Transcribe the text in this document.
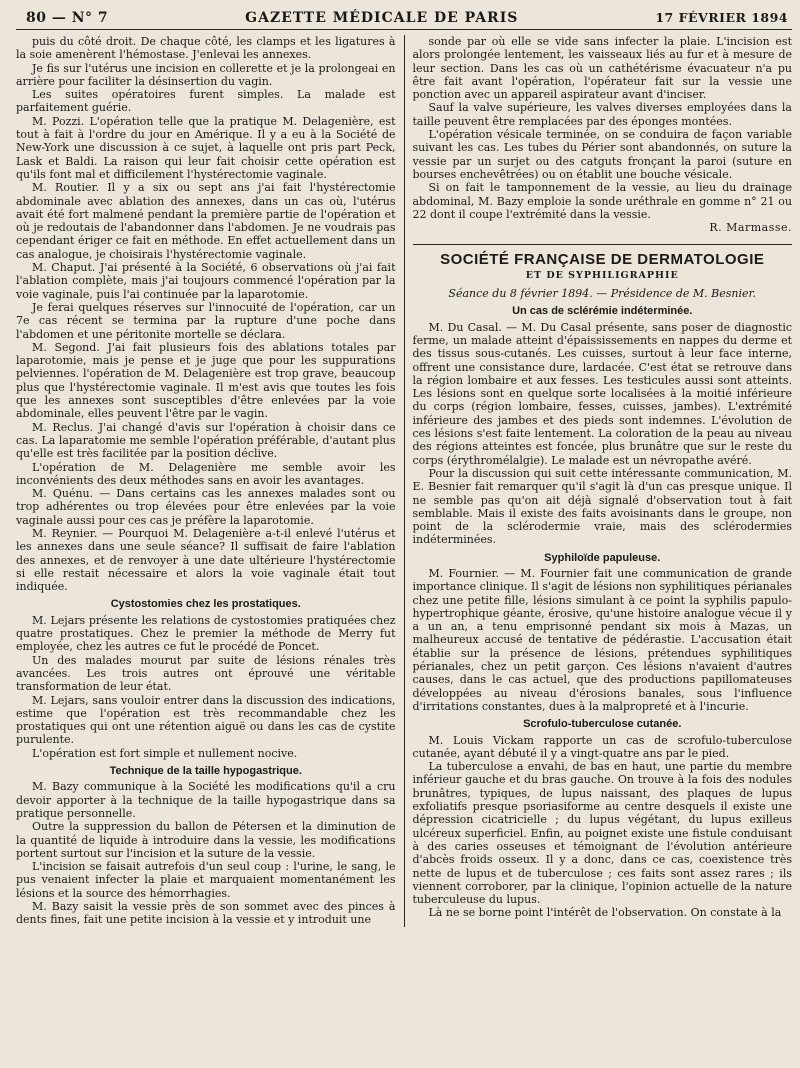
80 — N° 7	GAZETTE MÉDICALE DE PARIS	17 FÉVRIER 1894

puis du côté droit. De chaque côté, les clamps et les ligatures à la soie amenèrent l'hémostase. J'enlevai les annexes.

Je fis sur l'utérus une incision en collerette et je la prolongeai en arrière pour faciliter la désinsertion du vagin.

Les suites opératoires furent simples. La malade est parfaitement guérie.

M. Pozzi. L'opération telle que la pratique M. Delagenière, est tout à fait à l'ordre du jour en Amérique. Il y a eu à la Société de New-York une discussion à ce sujet, à laquelle ont pris part Peck, Lask et Baldi. La raison qui leur fait choisir cette opération est qu'ils font mal et difficilement l'hystérectomie vaginale.

M. Routier. Il y a six ou sept ans j'ai fait l'hystérectomie abdominale avec ablation des annexes, dans un cas où, l'utérus avait été fort malmené pendant la première partie de l'opération et où je redoutais de l'abandonner dans l'abdomen. Je ne voudrais pas cependant ériger ce fait en méthode. En effet actuellement dans un cas analogue, je choisirais l'hystérectomie vaginale.

M. Chaput. J'ai présenté à la Société, 6 observations où j'ai fait l'ablation complète, mais j'ai toujours commencé l'opération par la voie vaginale, puis l'ai continuée par la laparotomie.

Je ferai quelques réserves sur l'innocuité de l'opération, car un 7e cas récent se termina par la rupture d'une poche dans l'abdomen et une péritonite mortelle se déclara.

M. Segond. J'ai fait plusieurs fois des ablations totales par laparotomie, mais je pense et je juge que pour les suppurations pelviennes. l'opération de M. Delagenière est trop grave, beaucoup plus que l'hystérectomie vaginale. Il m'est avis que toutes les fois que les annexes sont susceptibles d'être enlevées par la voie abdominale, elles peuvent l'être par le vagin.

M. Reclus. J'ai changé d'avis sur l'opération à choisir dans ce cas. La laparatomie me semble l'opération préférable, d'autant plus qu'elle est très facilitée par la position déclive.

L'opération de M. Delagenière me semble avoir les inconvénients des deux méthodes sans en avoir les avantages.

M. Quénu. — Dans certains cas les annexes malades sont ou trop adhérentes ou trop élevées pour être enlevées par la voie vaginale aussi pour ces cas je préfère la laparotomie.

M. Reynier. — Pourquoi M. Delagenière a-t-il enlevé l'utérus et les annexes dans une seule séance? Il suffisait de faire l'ablation des annexes, et de renvoyer à une date ultérieure l'hystérectomie si elle restait nécessaire et alors la voie vaginale était tout indiquée.

Cystostomies chez les prostatiques.

M. Lejars présente les relations de cystostomies pratiquées chez quatre prostatiques. Chez le premier la méthode de Merry fut employée, chez les autres ce fut le procédé de Poncet.

Un des malades mourut par suite de lésions rénales très avancées. Les trois autres ont éprouvé une véritable transformation de leur état.

M. Lejars, sans vouloir entrer dans la discussion des indications, estime que l'opération est très recommandable chez les prostatiques qui ont une rétention aiguë ou dans les cas de cystite purulente.

L'opération est fort simple et nullement nocive.

Technique de la taille hypogastrique.

M. Bazy communique à la Société les modifications qu'il a cru devoir apporter à la technique de la taille hypogastrique dans sa pratique personnelle.

Outre la suppression du ballon de Pétersen et la diminution de la quantité de liquide à introduire dans la vessie, les modifications portent surtout sur l'incision et la suture de la vessie.

L'incision se faisait autrefois d'un seul coup : l'urine, le sang, le pus venaient infecter la plaie et marquaient momentanément les lésions et la source des hémorrhagies.

M. Bazy saisit la vessie près de son sommet avec des pinces à dents fines, fait une petite incision à la vessie et y introduit une

sonde par où elle se vide sans infecter la plaie. L'incision est alors prolongée lentement, les vaisseaux liés au fur et à mesure de leur section. Dans les cas où un cathétérisme évacuateur n'a pu être fait avant l'opération, l'opérateur fait sur la vessie une ponction avec un appareil aspirateur avant d'inciser.

Sauf la valve supérieure, les valves diverses employées dans la taille peuvent être remplacées par des éponges montées.

L'opération vésicale terminée, on se conduira de façon variable suivant les cas. Les tubes du Périer sont abandonnés, on suture la vessie par un surjet ou des catguts fronçant la paroi (suture en bourses enchevêtrées) ou on établit une bouche vésicale.

Si on fait le tamponnement de la vessie, au lieu du drainage abdominal, M. Bazy emploie la sonde uréthrale en gomme n° 21 ou 22 dont il coupe l'extrémité dans la vessie.

R. Marmasse.

SOCIÉTÉ FRANÇAISE DE DERMATOLOGIE
ET DE SYPHILIGRAPHIE
Séance du 8 février 1894. — Présidence de M. Besnier.

Un cas de sclérémie indéterminée.

M. Du Casal. — M. Du Casal présente, sans poser de diagnostic ferme, un malade atteint d'épaississements en nappes du derme et des tissus sous-cutanés. Les cuisses, surtout à leur face interne, offrent une consistance dure, lardacée. C'est état se retrouve dans la région lombaire et aux fesses. Les testicules aussi sont atteints. Les lésions sont en quelque sorte localisées à la moitié inférieure du corps (région lombaire, fesses, cuisses, jambes). L'extrémité inférieure des jambes et des pieds sont indemnes. L'évolution de ces lésions s'est faite lentement. La coloration de la peau au niveau des régions atteintes est foncée, plus brunâtre que sur le reste du corps (érythromélalgie). Le malade est un névropathe avéré.

Pour la discussion qui suit cette intéressante communication, M. E. Besnier fait remarquer qu'il s'agit là d'un cas presque unique. Il ne semble pas qu'on ait déjà signalé d'observation tout à fait semblable. Mais il existe des faits avoisinants dans le groupe, non point de la sclérodermie vraie, mais des sclérodermies indéterminées.

Syphiloïde papuleuse.

M. Fournier. — M. Fournier fait une communication de grande importance clinique. Il s'agit de lésions non syphilitiques périanales chez une petite fille, lésions simulant à ce point la syphilis papulo-hypertrophique géante, érosive, qu'une histoire analogue vécue il y a un an, a tenu emprisonné pendant six mois à Mazas, un malheureux accusé de tentative de pédérastie. L'accusation était établie sur la présence de lésions, prétendues syphilitiques périanales, chez un petit garçon. Ces lésions n'avaient d'autres causes, dans le cas actuel, que des productions papillomateuses développées au niveau d'érosions banales, sous l'influence d'irritations constantes, dues à la malpropreté et à l'incurie.

Scrofulo-tuberculose cutanée.

M. Louis Vickam rapporte un cas de scrofulo-tuberculose cutanée, ayant débuté il y a vingt-quatre ans par le pied.

La tuberculose a envahi, de bas en haut, une partie du membre inférieur gauche et du bras gauche. On trouve à la fois des nodules brunâtres, typiques, de lupus naissant, des plaques de lupus exfoliatifs presque psoriasiforme au centre desquels il existe une dépression cicatricielle ; du lupus végétant, du lupus exilleus ulcéreux superficiel. Enfin, au poignet existe une fistule conduisant à des caries osseuses et témoignant de l'évolution antérieure d'abcès froids osseux. Il y a donc, dans ce cas, coexistence très nette de lupus et de tuberculose ; ces faits sont assez rares ; ils viennent corroborer, par la clinique, l'opinion actuelle de la nature tuberculeuse du lupus.

Là ne se borne point l'intérêt de l'observation. On constate à la
